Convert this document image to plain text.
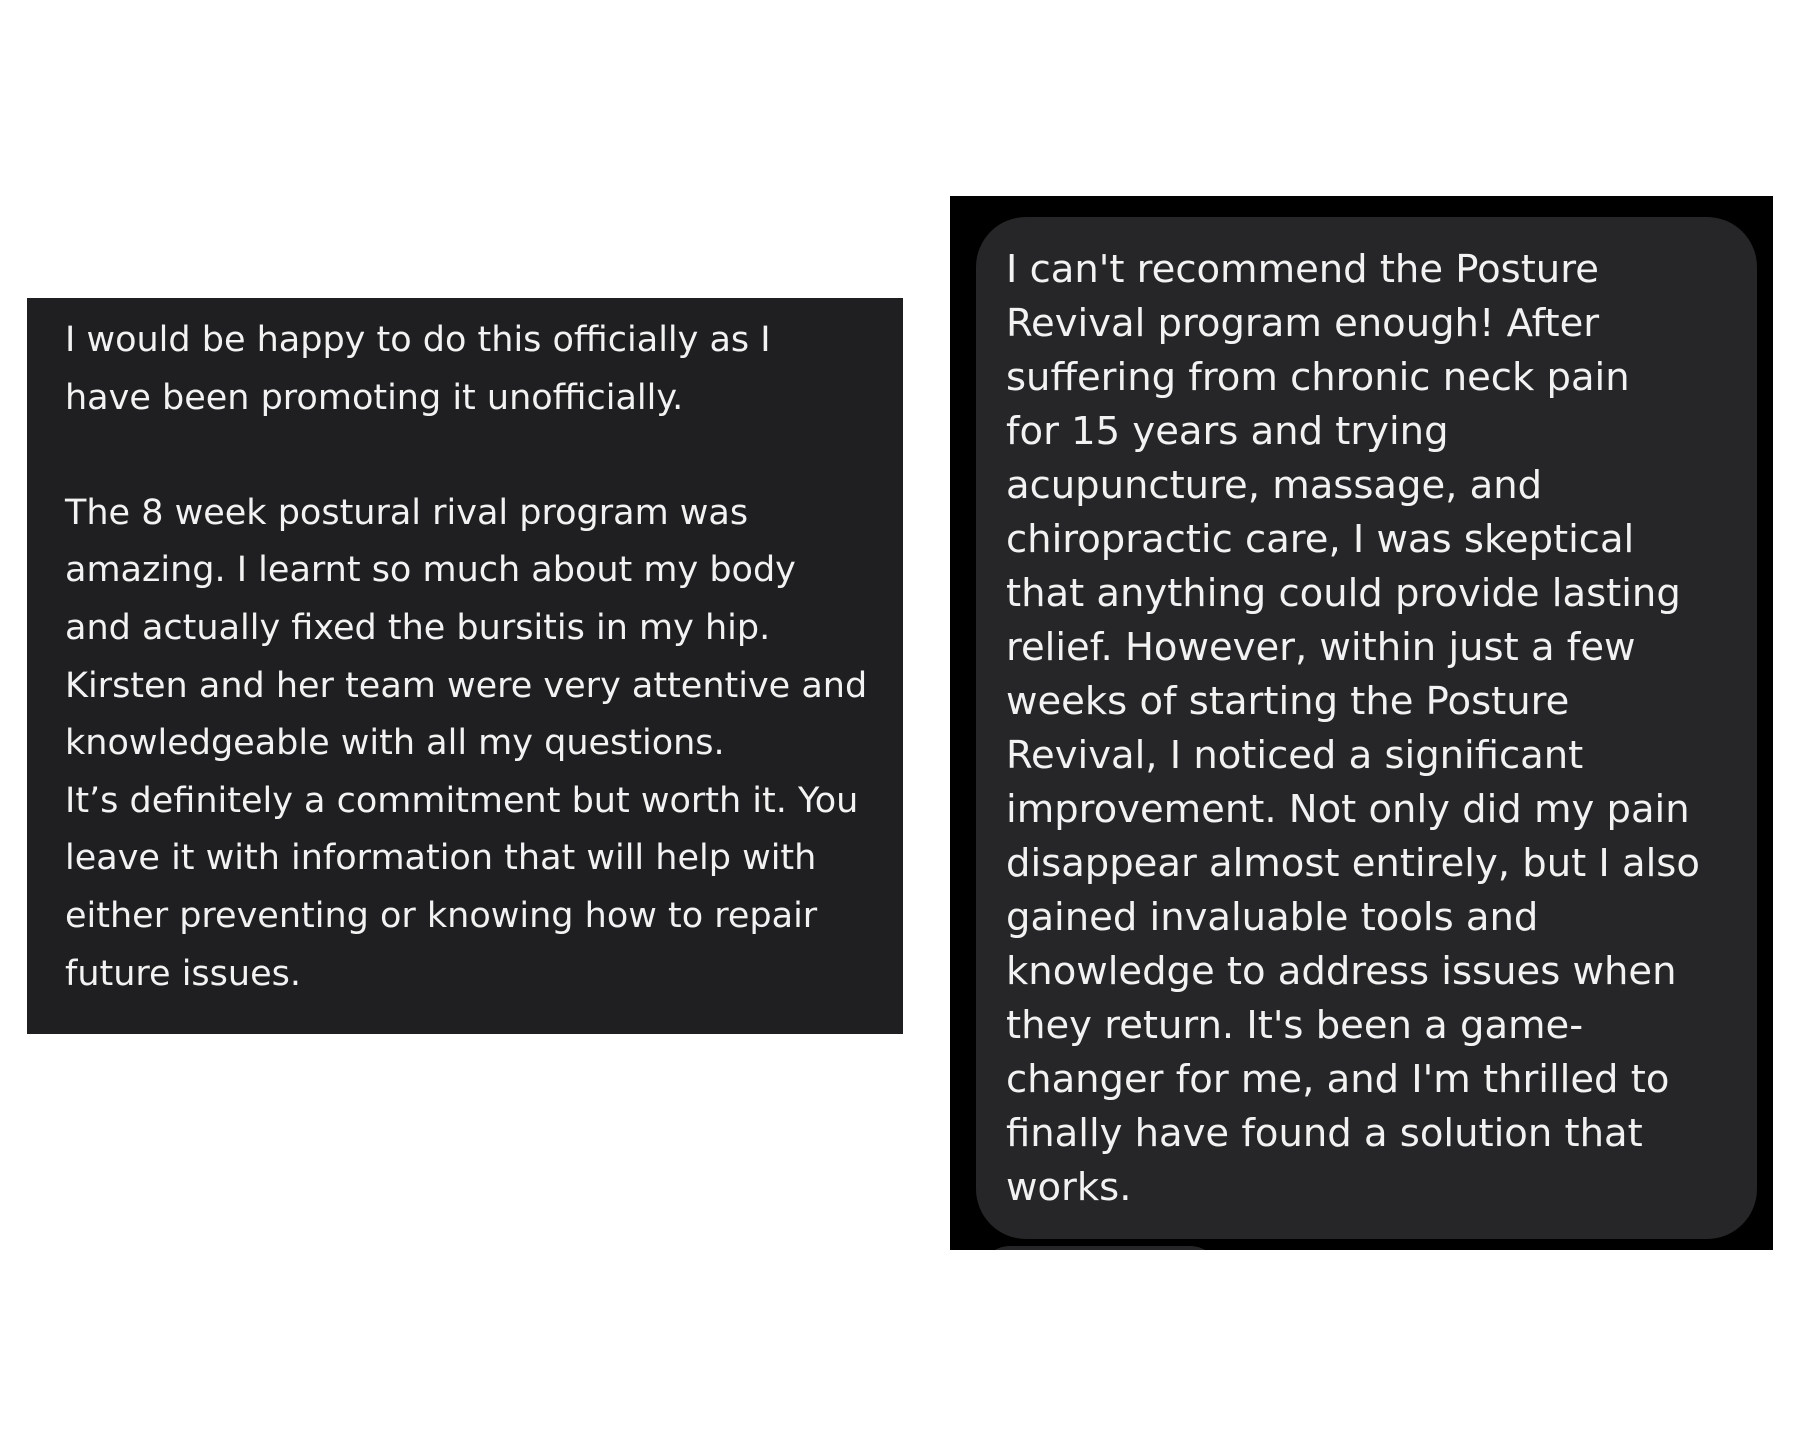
I would be happy to do this officially as I
have been promoting it unofficially.

The 8 week postural rival program was
amazing. I learnt so much about my body
and actually fixed the bursitis in my hip.
Kirsten and her team were very attentive and
knowledgeable with all my questions.
It’s definitely a commitment but worth it. You
leave it with information that will help with
either preventing or knowing how to repair
future issues.

I can't recommend the Posture
Revival program enough! After
suffering from chronic neck pain
for 15 years and trying
acupuncture, massage, and
chiropractic care, I was skeptical
that anything could provide lasting
relief. However, within just a few
weeks of starting the Posture
Revival, I noticed a significant
improvement. Not only did my pain
disappear almost entirely, but I also
gained invaluable tools and
knowledge to address issues when
they return. It's been a game-
changer for me, and I'm thrilled to
finally have found a solution that
works.
